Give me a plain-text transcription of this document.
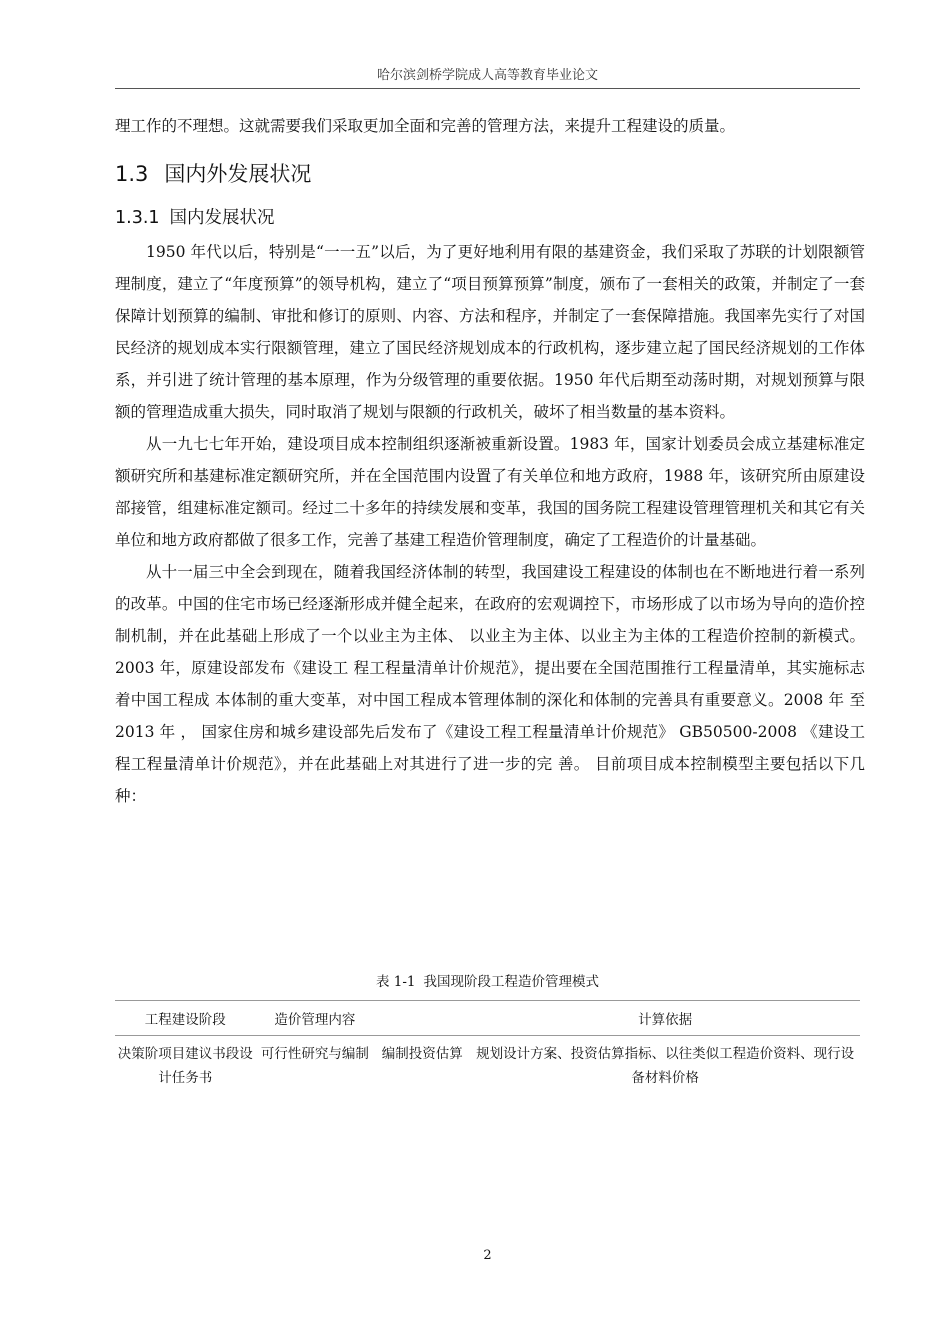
哈尔滨剑桥学院成人高等教育毕业论文
理工作的不理想。这就需要我们采取更加全面和完善的管理方法，来提升工程建设的质量。
1.3 国内外发展状况
1.3.1 国内发展状况

1950 年代以后，特别是“一一五”以后，为了更好地利用有限的基建资金，我们采取了苏联的计划限额管理制度，建立了“年度预算”的领导机构，建立了“项目预算预算”制度，颁布了一套相关的政策，并制定了一套保障计划预算的编制、审批和修订的原则、内容、方法和程序，并制定了一套保障措施。我国率先实行了对国民经济的规划成本实行限额管理，建立了国民经济规划成本的行政机构，逐步建立起了国民经济规划的工作体系，并引进了统计管理的基本原理，作为分级管理的重要依据。1950 年代后期至动荡时期，对规划预算与限额的管理造成重大损失，同时取消了规划与限额的行政机关，破坏了相当数量的基本资料。

从一九七七年开始，建设项目成本控制组织逐渐被重新设置。1983 年，国家计划委员会成立基建标准定额研究所和基建标准定额研究所，并在全国范围内设置了有关单位和地方政府，1988 年，该研究所由原建设部接管，组建标准定额司。经过二十多年的持续发展和变革，我国的国务院工程建设管理管理机关和其它有关单位和地方政府都做了很多工作，完善了基建工程造价管理制度，确定了工程造价的计量基础。

从十一届三中全会到现在，随着我国经济体制的转型，我国建设工程建设的体制也在不断地进行着一系列的改革。中国的住宅市场已经逐渐形成并健全起来，在政府的宏观调控下，市场形成了以市场为导向的造价控制机制，并在此基础上形成了一个以业主为主体、 以业主为主体、以业主为主体的工程造价控制的新模式。2003 年，原建设部发布《建设工 程工程量清单计价规范》，提出要在全国范围推行工程量清单，其实施标志着中国工程成 本体制的重大变革，对中国工程成本管理体制的深化和体制的完善具有重要意义。2008 年 至 2013 年 ， 国家住房和城乡建设部先后发布了《建设工程工程量清单计价规范》 GB50500-2008 《建设工程工程量清单计价规范》，并在此基础上对其进行了进一步的完 善。 目前项目成本控制模型主要包括以下几种：

表 1-1 我国现阶段工程造价管理模式
工程建设阶段	造价管理内容		计算依据
决策阶项目建议书段设计任务书	可行性研究与编制	编制投资估算	规划设计方案、投资估算指标、以往类似工程造价资料、现行设备材料价格
2
